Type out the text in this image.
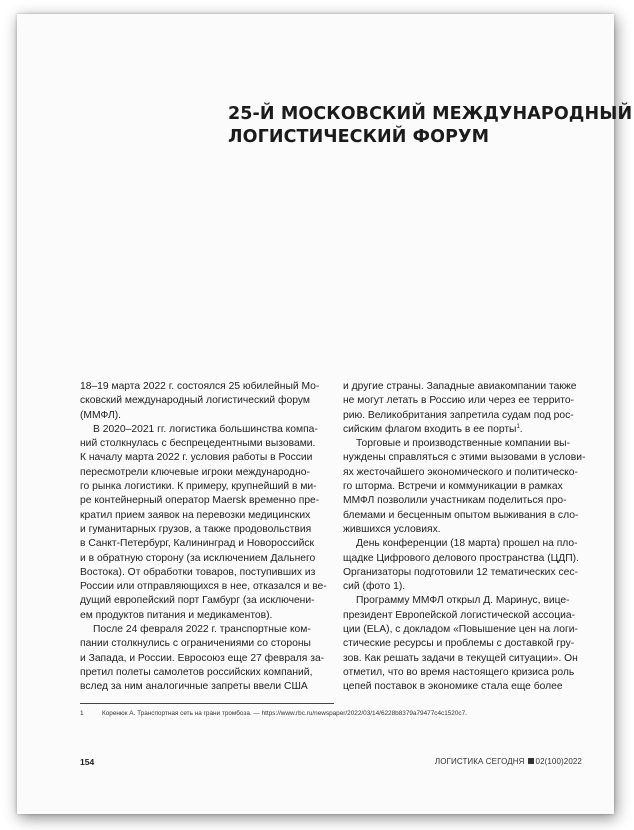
25-Й МОСКОВСКИЙ МЕЖДУНАРОДНЫЙ
ЛОГИСТИЧЕСКИЙ ФОРУМ
18–19 марта 2022 г. состоялся 25 юбилейный Мо-
сковский международный логистический форум
(ММФЛ).
В 2020–2021 гг. логистика большинства компа-
ний столкнулась с беспрецедентными вызовами.
К началу марта 2022 г. условия работы в России
пересмотрели ключевые игроки международно-
го рынка логистики. К примеру, крупнейший в ми-
ре контейнерный оператор Maersk временно пре-
кратил прием заявок на перевозки медицинских
и гуманитарных грузов, а также продовольствия
в Санкт-Петербург, Калининград и Новороссийск
и в обратную сторону (за исключением Дальнего
Востока). От обработки товаров, поступивших из
России или отправляющихся в нее, отказался и ве-
дущий европейский порт Гамбург (за исключени-
ем продуктов питания и медикаментов).
После 24 февраля 2022 г. транспортные ком-
пании столкнулись с ограничениями со стороны
и Запада, и России. Евросоюз еще 27 февраля за-
претил полеты самолетов российских компаний,
вслед за ним аналогичные запреты ввели США
и другие страны. Западные авиакомпании также
не могут летать в Россию или через ее террито-
рию. Великобритания запретила судам под рос-
сийским флагом входить в ее порты$^1$.
Торговые и производственные компании вы-
нуждены справляться с этими вызовами в услови-
ях жесточайшего экономического и политическо-
го шторма. Встречи и коммуникации в рамках
ММФЛ позволили участникам поделиться про-
блемами и бесценным опытом выживания в сло-
жившихся условиях.
День конференции (18 марта) прошел на пло-
щадке Цифрового делового пространства (ЦДП).
Организаторы подготовили 12 тематических сес-
сий (фото 1).
Программу ММФЛ открыл Д. Маринус, вице-
президент Европейской логистической ассоциа-
ции (ELA), с докладом «Повышение цен на логи-
стические ресурсы и проблемы с доставкой гру-
зов. Как решать задачи в текущей ситуации». Он
отметил, что во время настоящего кризиса роль
цепей поставок в экономике стала еще более
1	Коренюк А. Транспортная сеть на грани тромбоза. — https://www.rbc.ru/newspaper/2022/03/14/6228b8379a79477c4c1520c7.
154	ЛОГИСТИКА СЕГОДНЯ 02(100)2022
